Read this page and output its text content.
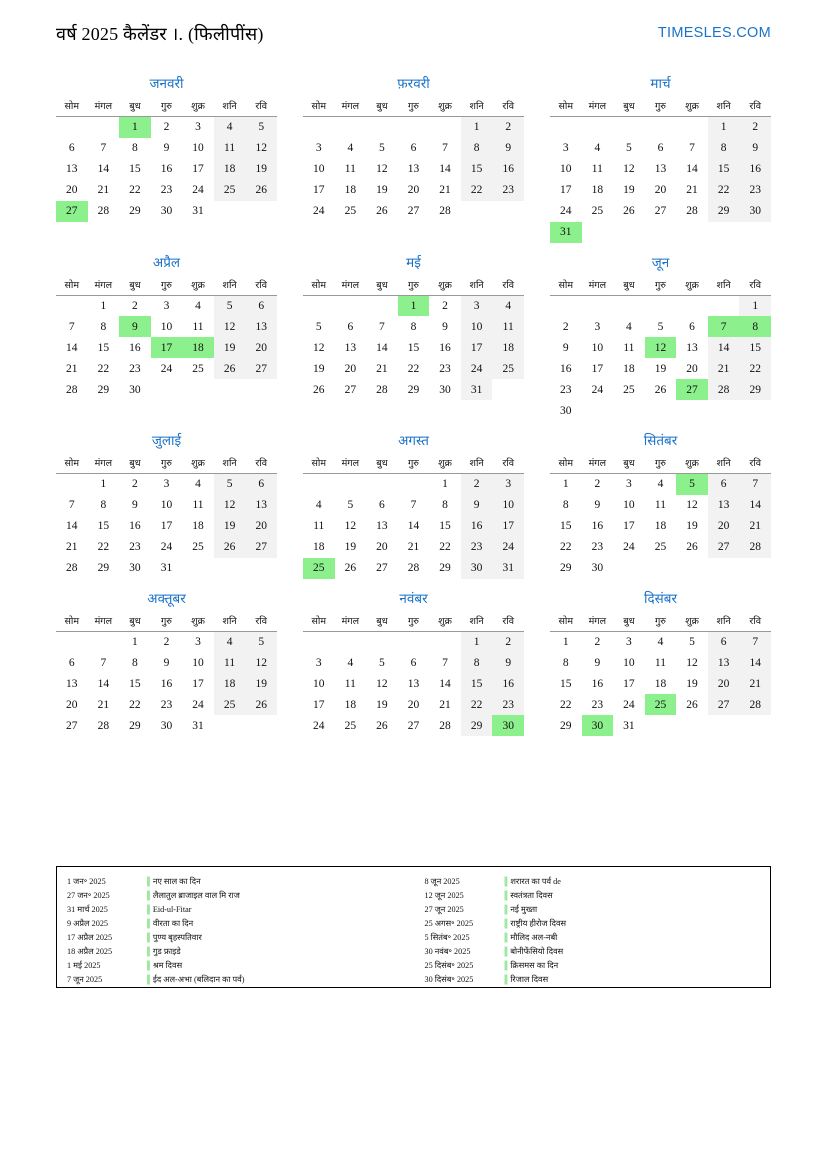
वर्ष 2025 कैलेंडर ।. (फिलीपींस)	TIMESLES.COM
जनवरी
सोम	मंगल	बुध	गुरु	शुक्र	शनि	रवि
		1	2	3	4	5
6	7	8	9	10	11	12
13	14	15	16	17	18	19
20	21	22	23	24	25	26
27	28	29	30	31		
फ़रवरी
सोम	मंगल	बुध	गुरु	शुक्र	शनि	रवि
					1	2
3	4	5	6	7	8	9
10	11	12	13	14	15	16
17	18	19	20	21	22	23
24	25	26	27	28		
मार्च
सोम	मंगल	बुध	गुरु	शुक्र	शनि	रवि
					1	2
3	4	5	6	7	8	9
10	11	12	13	14	15	16
17	18	19	20	21	22	23
24	25	26	27	28	29	30
31						
अप्रैल
सोम	मंगल	बुध	गुरु	शुक्र	शनि	रवि
	1	2	3	4	5	6
7	8	9	10	11	12	13
14	15	16	17	18	19	20
21	22	23	24	25	26	27
28	29	30				
मई
सोम	मंगल	बुध	गुरु	शुक्र	शनि	रवि
			1	2	3	4
5	6	7	8	9	10	11
12	13	14	15	16	17	18
19	20	21	22	23	24	25
26	27	28	29	30	31	
जून
सोम	मंगल	बुध	गुरु	शुक्र	शनि	रवि
						1
2	3	4	5	6	7	8
9	10	11	12	13	14	15
16	17	18	19	20	21	22
23	24	25	26	27	28	29
30						
जुलाई
सोम	मंगल	बुध	गुरु	शुक्र	शनि	रवि
	1	2	3	4	5	6
7	8	9	10	11	12	13
14	15	16	17	18	19	20
21	22	23	24	25	26	27
28	29	30	31			
अगस्त
सोम	मंगल	बुध	गुरु	शुक्र	शनि	रवि
				1	2	3
4	5	6	7	8	9	10
11	12	13	14	15	16	17
18	19	20	21	22	23	24
25	26	27	28	29	30	31
सितंबर
सोम	मंगल	बुध	गुरु	शुक्र	शनि	रवि
1	2	3	4	5	6	7
8	9	10	11	12	13	14
15	16	17	18	19	20	21
22	23	24	25	26	27	28
29	30					
अक्तूबर
सोम	मंगल	बुध	गुरु	शुक्र	शनि	रवि
		1	2	3	4	5
6	7	8	9	10	11	12
13	14	15	16	17	18	19
20	21	22	23	24	25	26
27	28	29	30	31		
नवंबर
सोम	मंगल	बुध	गुरु	शुक्र	शनि	रवि
					1	2
3	4	5	6	7	8	9
10	11	12	13	14	15	16
17	18	19	20	21	22	23
24	25	26	27	28	29	30
दिसंबर
सोम	मंगल	बुध	गुरु	शुक्र	शनि	रवि
1	2	3	4	5	6	7
8	9	10	11	12	13	14
15	16	17	18	19	20	21
22	23	24	25	26	27	28
29	30	31				
1 जन॰ 2025	▌नए साल का दिन
27 जन॰ 2025	▌लैलातुल ब्राजाइल वाल मि राज
31 मार्च 2025	▌Eid-ul-Fitar
9 अप्रैल 2025	▌वीरता का दिन
17 अप्रैल 2025	▌पुण्य बृहस्पतिवार
18 अप्रैल 2025	▌गुड फ्राइडे
1 मई 2025	▌श्रम दिवस
7 जून 2025	▌ईद अल-अभा (बलिदान का पर्व)
8 जून 2025	▌शरारत का पर्व de
12 जून 2025	▌स्वतंत्रता दिवस
27 जून 2025	▌नई मुख्ता
25 अगस॰ 2025	▌राष्ट्रीय हीरोज दिवस
5 सितंब॰ 2025	▌मौलिद अल-नबी
30 नवंब॰ 2025	▌बोनीफेंसियो दिवस
25 दिसंब॰ 2025	▌क्रिसमस का दिन
30 दिसंब॰ 2025	▌रिजाल दिवस
